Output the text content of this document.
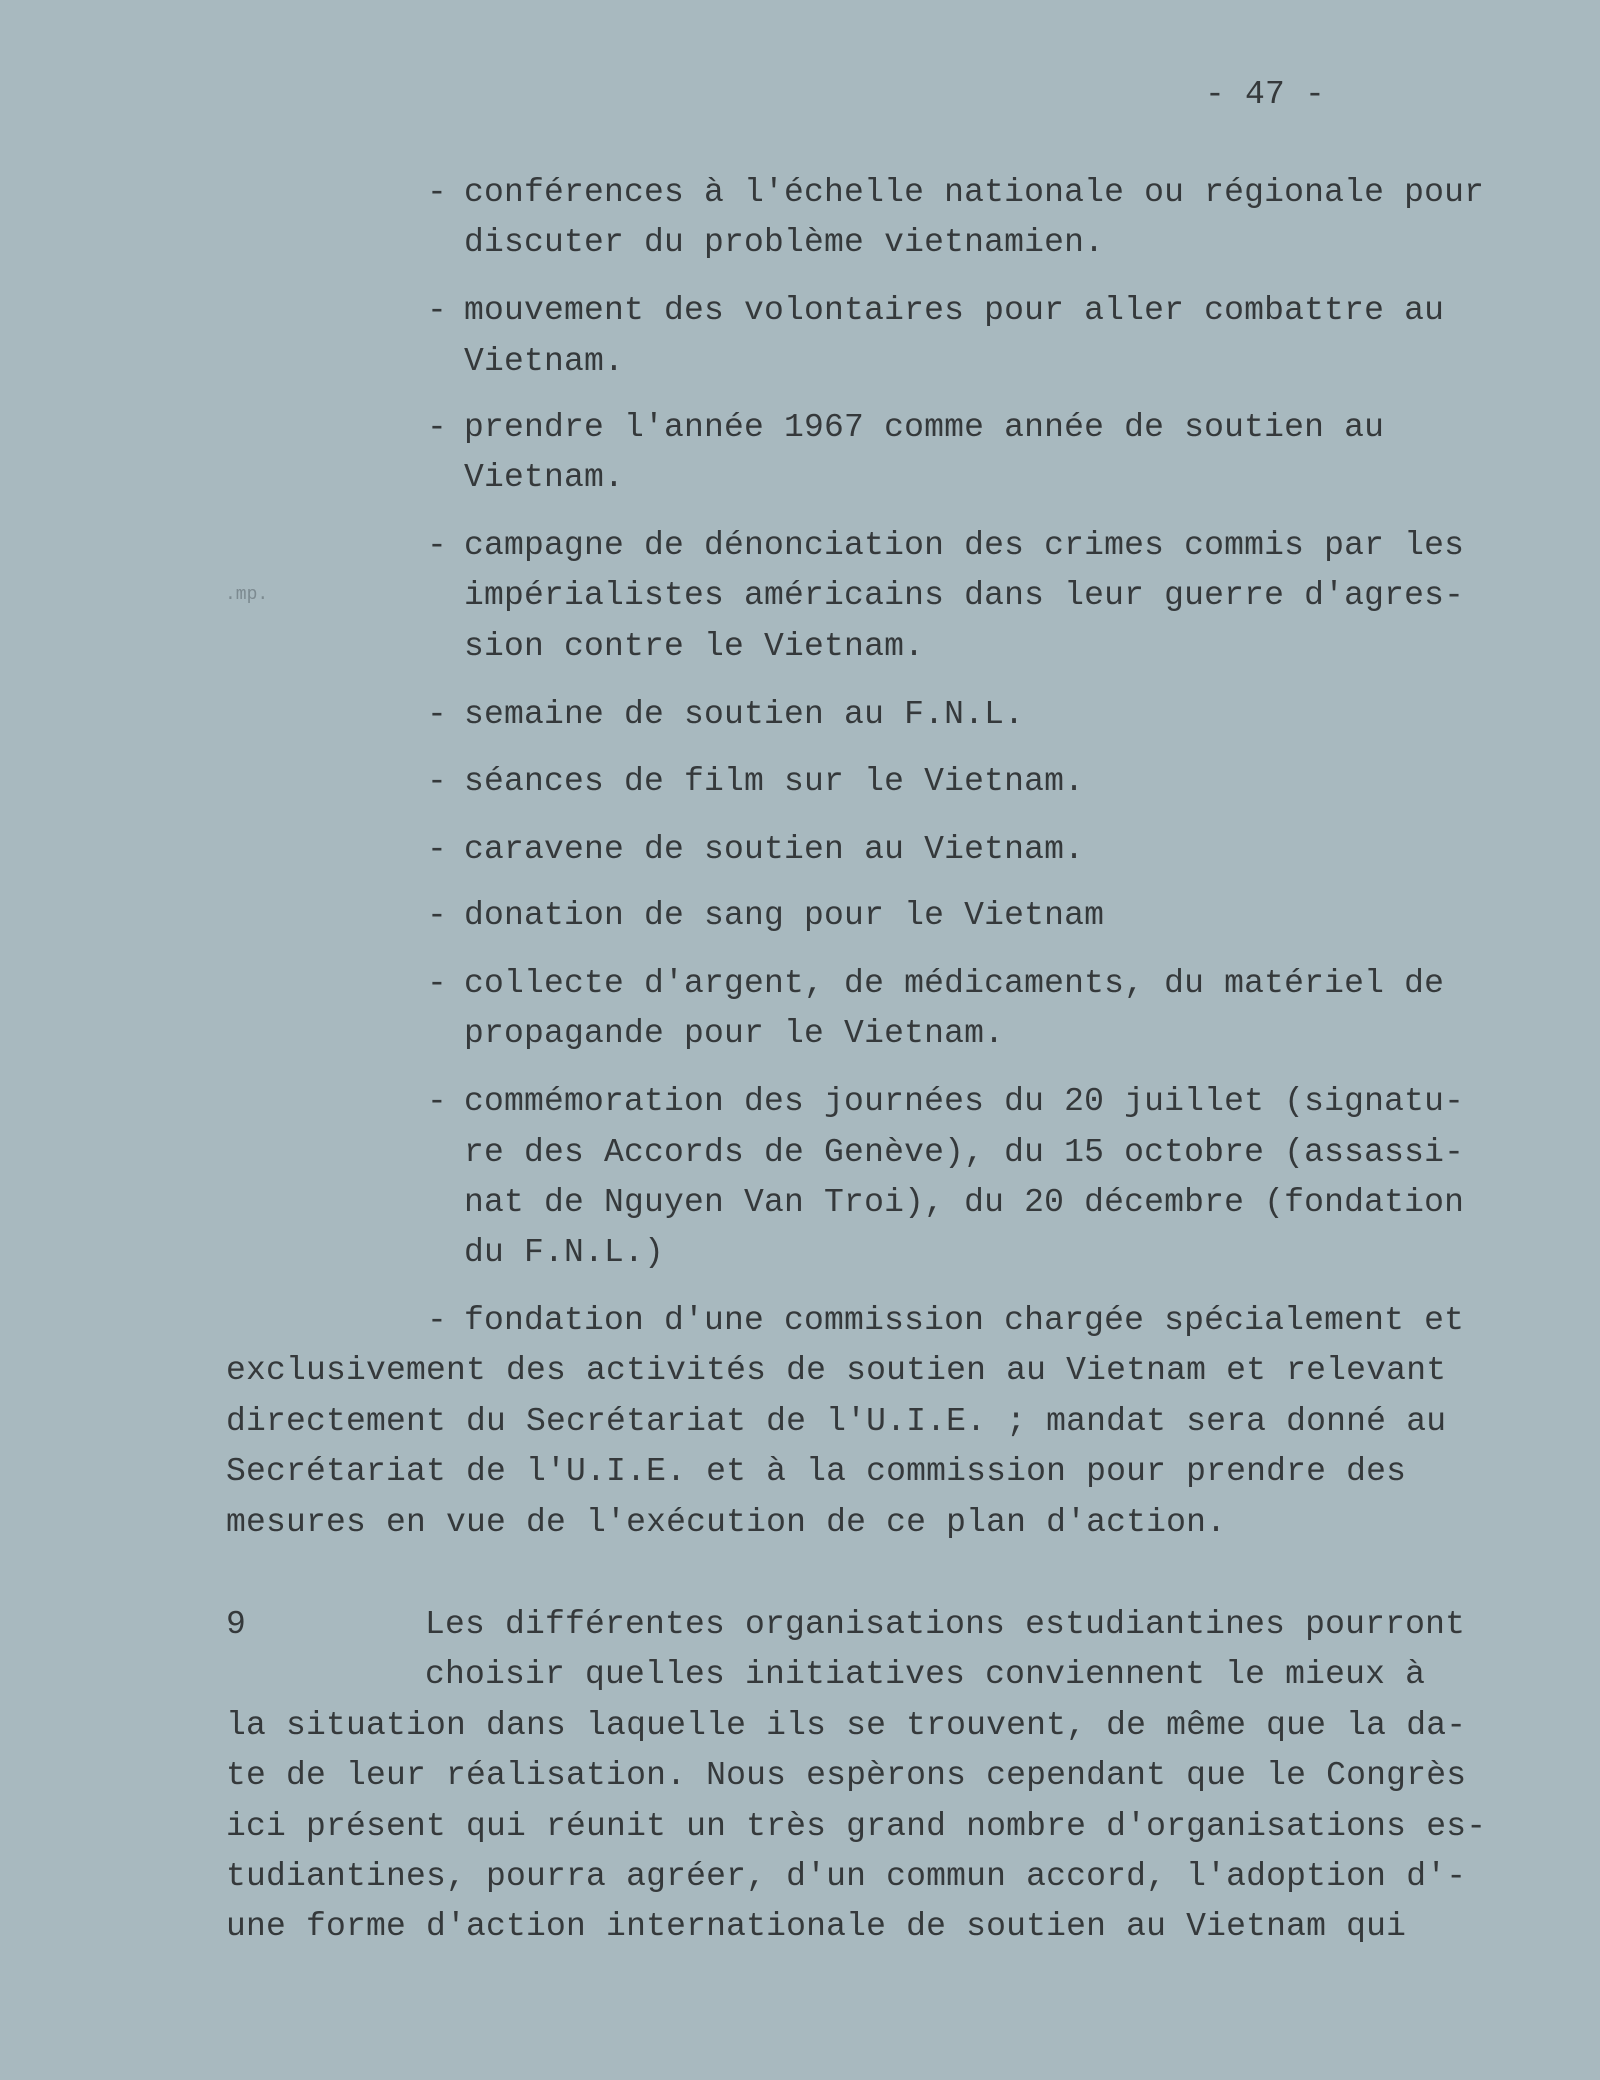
- 47 -
.mp.
- conférences à l'échelle nationale ou régionale pour
discuter du problème vietnamien.
- mouvement des volontaires pour aller combattre au
Vietnam.
- prendre l'année 1967 comme année de soutien au
Vietnam.
- campagne de dénonciation des crimes commis par les
impérialistes américains dans leur guerre d'agres-
sion contre le Vietnam.
- semaine de soutien au F.N.L.
- séances de film sur le Vietnam.
- caravene de soutien au Vietnam.
- donation de sang pour le Vietnam
- collecte d'argent, de médicaments, du matériel de
propagande pour le Vietnam.
- commémoration des journées du 20 juillet (signatu-
re des Accords de Genève), du 15 octobre (assassi-
nat de Nguyen Van Troi), du 20 décembre (fondation
du F.N.L.)
- fondation d'une commission chargée spécialement et
exclusivement des activités de soutien au Vietnam et relevant
directement du Secrétariat de l'U.I.E. ; mandat sera donné au
Secrétariat de l'U.I.E. et à la commission pour prendre des
mesures en vue de l'exécution de ce plan d'action.
9	Les différentes organisations estudiantines pourront
choisir quelles initiatives conviennent le mieux à
la situation dans laquelle ils se trouvent, de même que la da-
te de leur réalisation. Nous espèrons cependant que le Congrès
ici présent qui réunit un très grand nombre d'organisations es-
tudiantines, pourra agréer, d'un commun accord, l'adoption d'-
une forme d'action internationale de soutien au Vietnam qui
